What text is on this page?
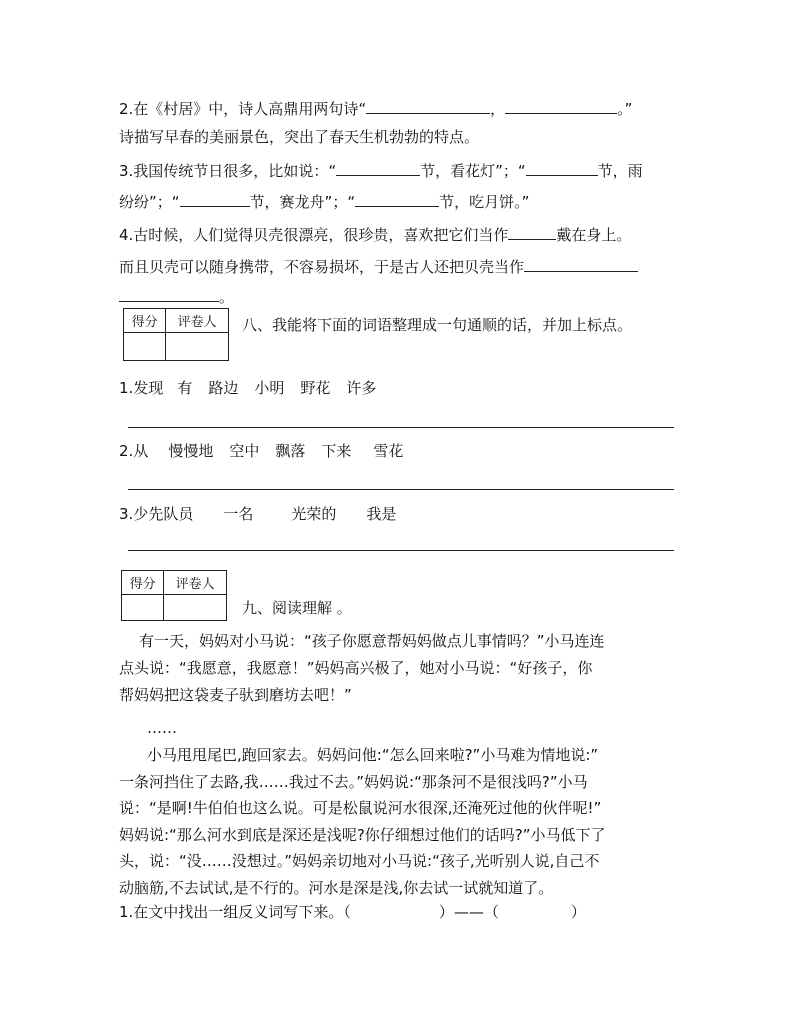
2.在《村居》中，诗人高鼎用两句诗“	，	。”
诗描写早春的美丽景色，突出了春天生机勃勃的特点。
3.我国传统节日很多，比如说：“	节，看花灯”；“	节，雨
纷纷”；“	节，赛龙舟”；“	节，吃月饼。”
4.古时候，人们觉得贝壳很漂亮，很珍贵，喜欢把它们当作	戴在身上。
而且贝壳可以随身携带，不容易损坏，于是古人还把贝壳当作
。
得分	评卷人
	八、我能将下面的词语整理成一句通顺的话，并加上标点。
1.发现 有 路边 小明 野花 许多
2.从 慢慢地 空中 飘落 下来 雪花
3.少先队员 一名	光荣的 我是
得分	评卷人

九、阅读理解 。
有一天，妈妈对小马说：“孩子你愿意帮妈妈做点儿事情吗？”小马连连
点头说：“我愿意，我愿意！”妈妈高兴极了，她对小马说：“好孩子，你
帮妈妈把这袋麦子驮到磨坊去吧！”
……
小马甩甩尾巴,跑回家去。妈妈问他:“怎么回来啦?”小马难为情地说:”
一条河挡住了去路,我……我过不去。”妈妈说:“那条河不是很浅吗?”小马
说：“是啊!牛伯伯也这么说。可是松鼠说河水很深,还淹死过他的伙伴呢!”
妈妈说:“那么河水到底是深还是浅呢?你仔细想过他们的话吗?”小马低下了
头，说：“没……没想过。”妈妈亲切地对小马说:“孩子,光听别人说,自己不
动脑筋,不去试试,是不行的。河水是深是浅,你去试一试就知道了。
1.在文中找出一组反义词写下来。（	）——（	）
